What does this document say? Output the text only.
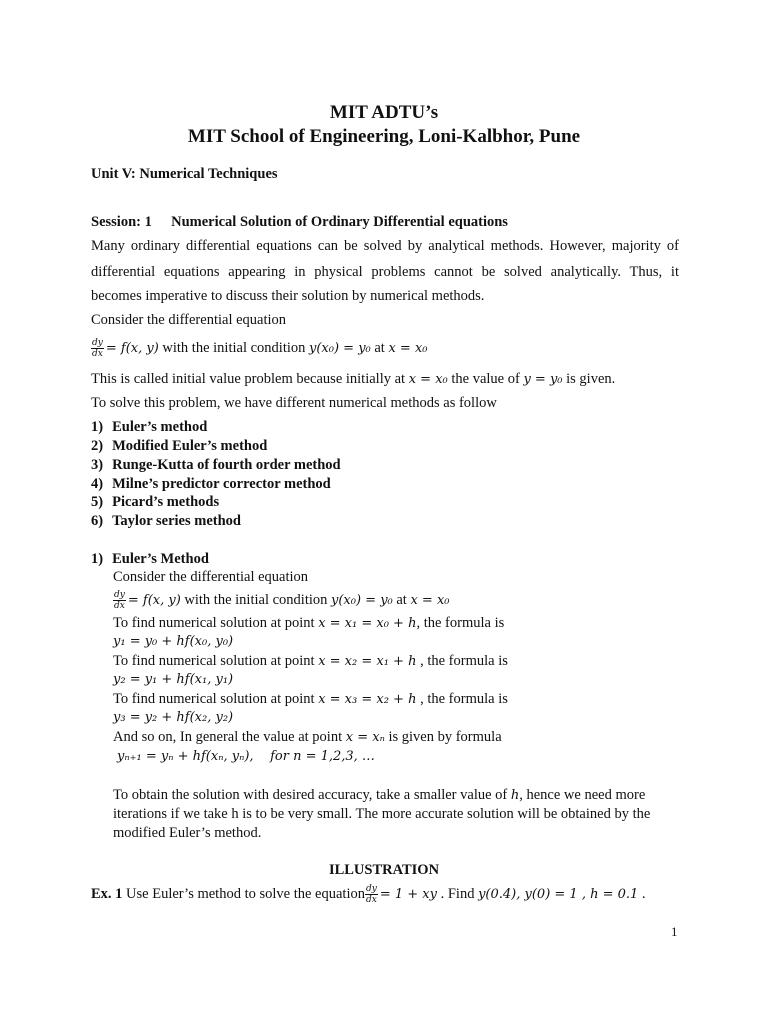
MIT ADTU’s
MIT School of Engineering, Loni-Kalbhor, Pune
Unit V: Numerical Techniques
Session: 1 Numerical Solution of Ordinary Differential equations
Many ordinary differential equations can be solved by analytical methods. However, majority of
differential equations appearing in physical problems cannot be solved analytically. Thus, it
becomes imperative to discuss their solution by numerical methods.
Consider the differential equation
$\frac{dy}{dx} = f(x$, y) with the initial condition y(x₀) = y₀ at x = x₀
This is called initial value problem because initially at x = x₀ the value of y = y₀ is given.
To solve this problem, we have different numerical methods as follow
1) Euler’s method
2) Modified Euler’s method
3) Runge-Kutta of fourth order method
4) Milne’s predictor corrector method
5) Picard’s methods
6) Taylor series method
1) Euler’s Method
Consider the differential equation
$\frac{dy}{dx} = f(x$, y) with the initial condition y(x₀) = y₀ at x = x₀
To find numerical solution at point x = x₁ = x₀ + h, the formula is
y₁ = y₀ + hf(x₀, y₀)
To find numerical solution at point x = x₂ = x₁ + h , the formula is
y₂ = y₁ + hf(x₁, y₁)
To find numerical solution at point x = x₃ = x₂ + h , the formula is
y₃ = y₂ + hf(x₂, y₂)
And so on, In general the value at point x = xₙ is given by formula
yₙ₊₁ = yₙ + hf(xₙ, yₙ),    for n = 1,2,3, …
To obtain the solution with desired accuracy, take a smaller value of h, hence we need more
iterations if we take h is to be very small. The more accurate solution will be obtained by the
modified Euler’s method.
ILLUSTRATION
Ex. 1 Use Euler’s method to solve the equation $\frac{dy}{dx} = 1$ + xy . Find y(0.4), y(0) = 1 , h = 0.1 .
1
